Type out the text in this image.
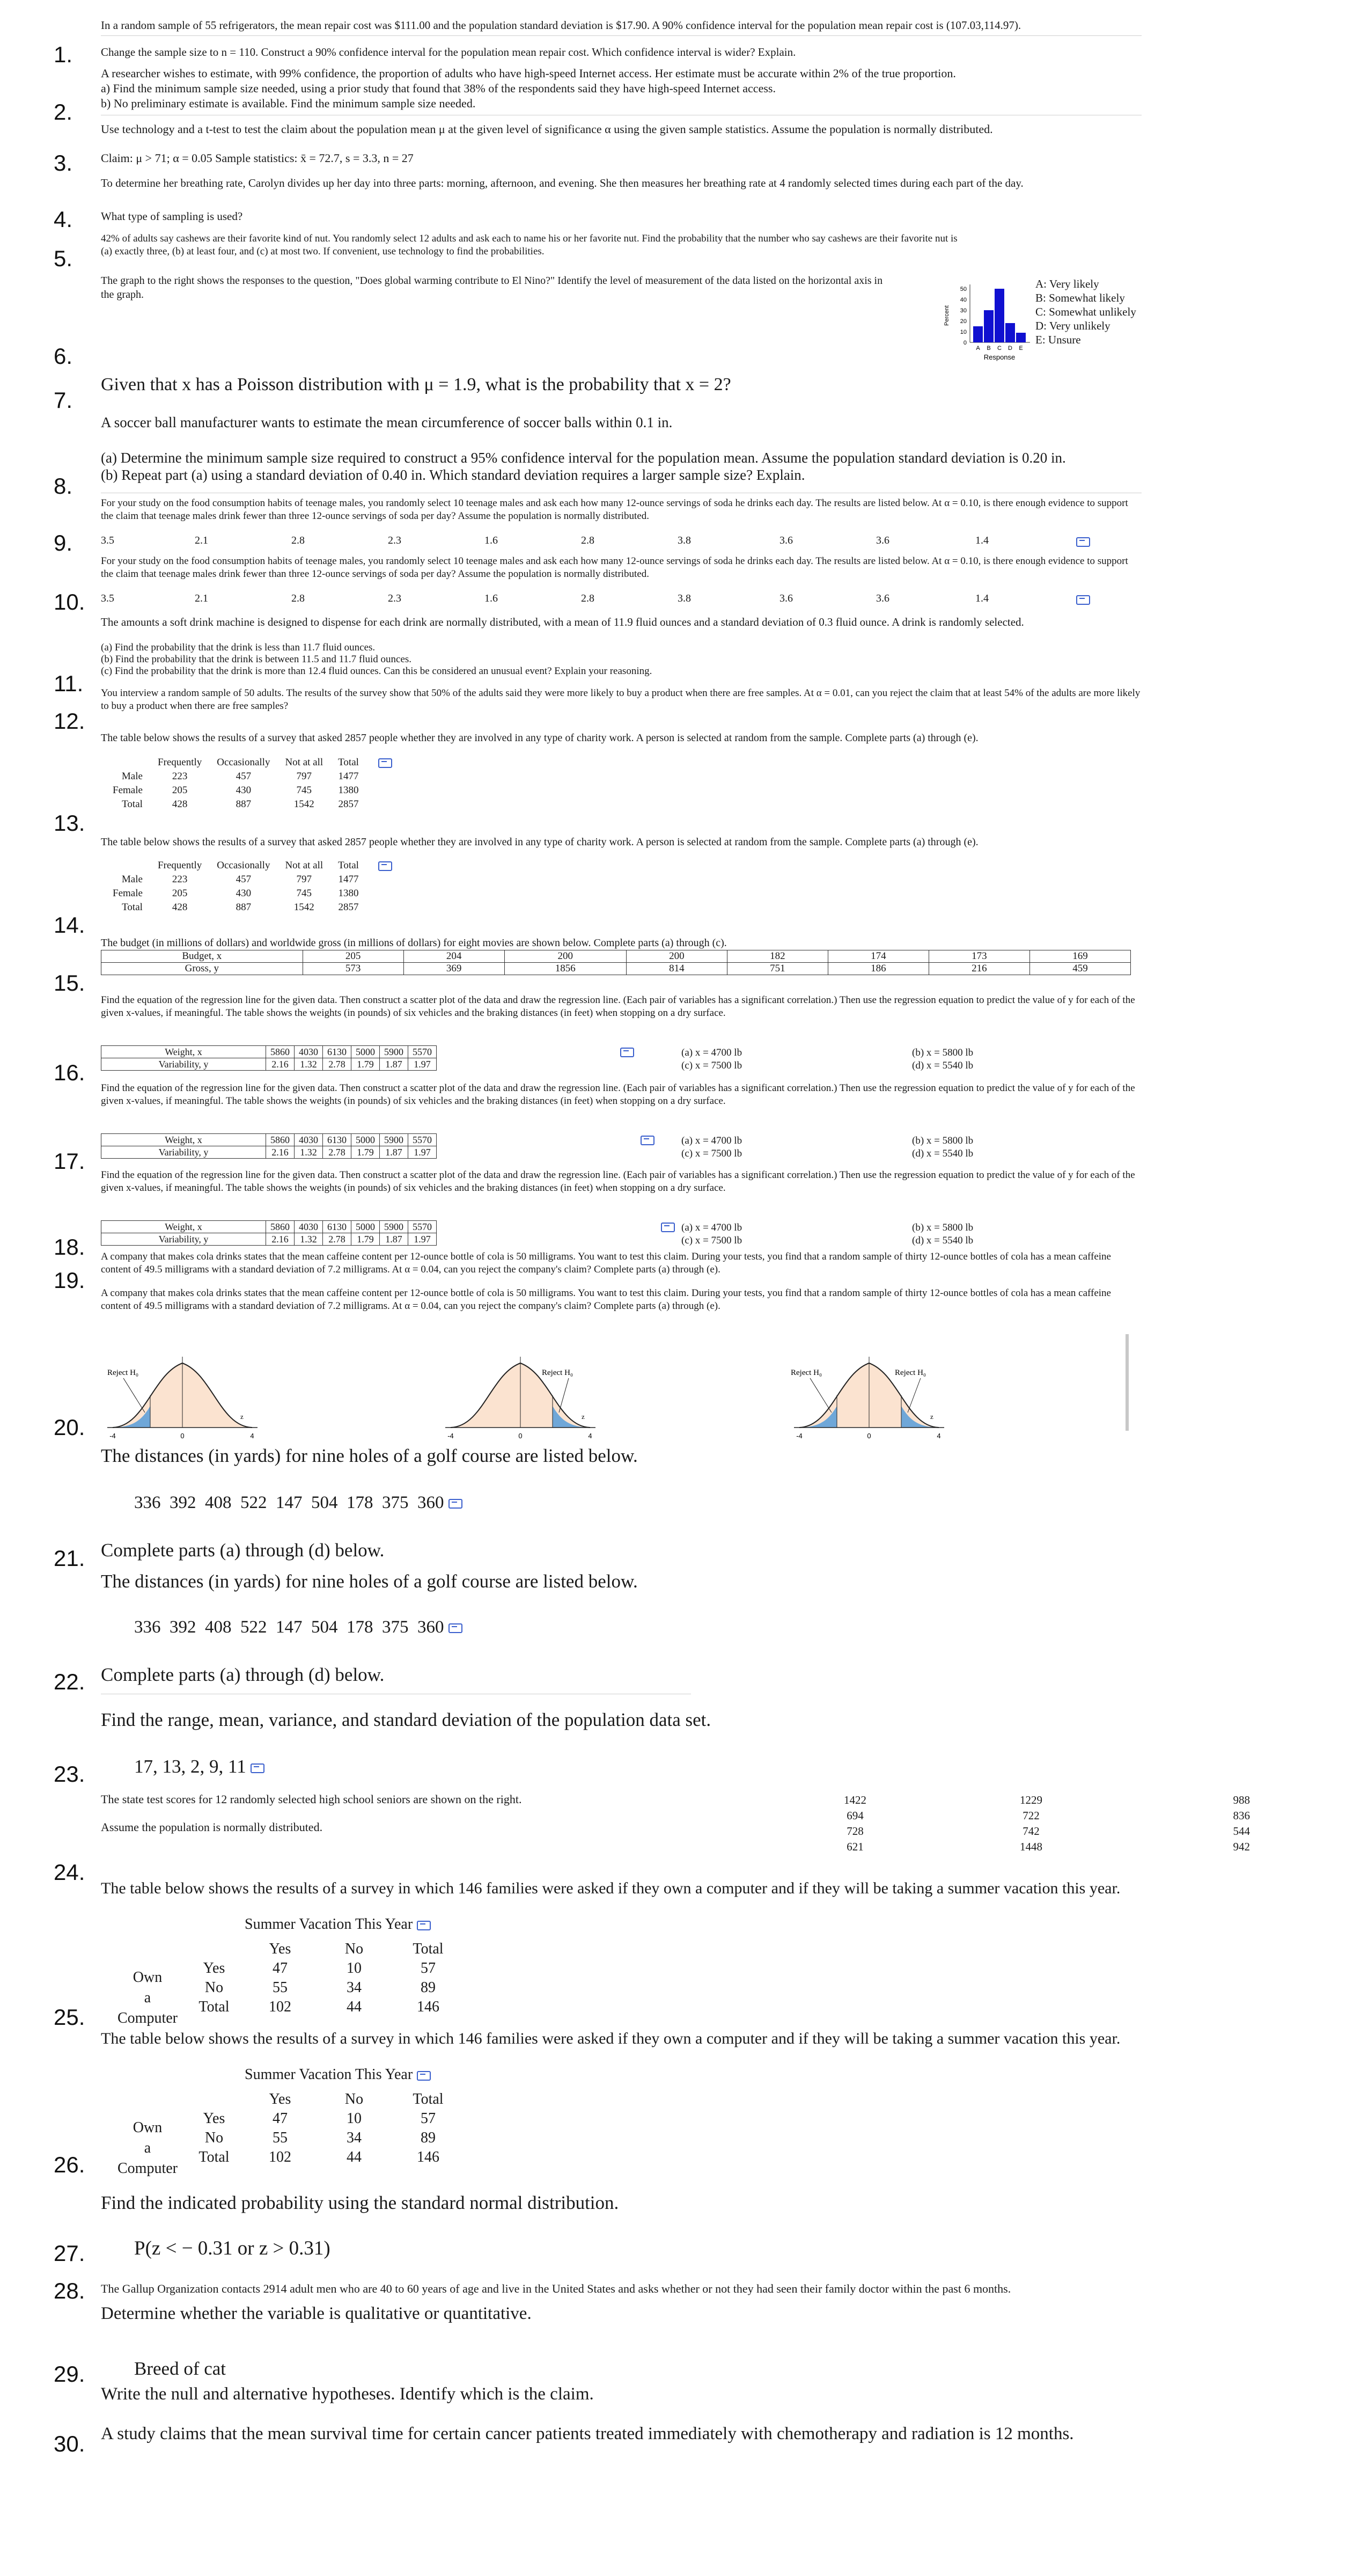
1.
2.
3.
4.
5.
6.
7.
8.
9.
10.
11.
12.
13.
14.
15.
16.
17.
18.
19.
20.
21.
22.
23.
24.
25.
26.
27.
28.
29.
30.
In a random sample of 55 refrigerators, the mean repair cost was $111.00 and the population standard deviation is $17.90. A 90% confidence interval for the population mean repair cost is (107.03,114.97).
Change the sample size to n = 110. Construct a 90% confidence interval for the population mean repair cost. Which confidence interval is wider? Explain.
A researcher wishes to estimate, with 99% confidence, the proportion of adults who have high-speed Internet access. Her estimate must be accurate within 2% of the true proportion.
a) Find the minimum sample size needed, using a prior study that found that 38% of the respondents said they have high-speed Internet access.
b) No preliminary estimate is available. Find the minimum sample size needed.
Use technology and a t-test to test the claim about the population mean μ at the given level of significance α using the given sample statistics. Assume the population is normally distributed.
Claim: μ > 71; α = 0.05 Sample statistics: x̄ = 72.7, s = 3.3, n = 27
To determine her breathing rate, Carolyn divides up her day into three parts: morning, afternoon, and evening. She then measures her breathing rate at 4 randomly selected times during each part of the day.
What type of sampling is used?
42% of adults say cashews are their favorite kind of nut. You randomly select 12 adults and ask each to name his or her favorite nut. Find the probability that the number who say cashews are their favorite nut is
(a) exactly three, (b) at least four, and (c) at most two. If convenient, use technology to find the probabilities.
The graph to the right shows the responses to the question, "Does global warming contribute to El Nino?" Identify the level of measurement of the data listed on the horizontal axis in the graph.
Percent
50
40
30
20
10
0
A B C D E
Response
A: Very likely
B: Somewhat likely
C: Somewhat unlikely
D: Very unlikely
E: Unsure
Given that x has a Poisson distribution with μ = 1.9, what is the probability that x = 2?
A soccer ball manufacturer wants to estimate the mean circumference of soccer balls within 0.1 in.
(a) Determine the minimum sample size required to construct a 95% confidence interval for the population mean. Assume the population standard deviation is 0.20 in.
(b) Repeat part (a) using a standard deviation of 0.40 in. Which standard deviation requires a larger sample size? Explain.
For your study on the food consumption habits of teenage males, you randomly select 10 teenage males and ask each how many 12-ounce servings of soda he drinks each day. The results are listed below. At α = 0.10, is there enough evidence to support the claim that teenage males drink fewer than three 12-ounce servings of soda per day? Assume the population is normally distributed.
3.5	2.1	2.8	2.3	1.6	2.8	3.8	3.6	3.6	1.4
For your study on the food consumption habits of teenage males, you randomly select 10 teenage males and ask each how many 12-ounce servings of soda he drinks each day. The results are listed below. At α = 0.10, is there enough evidence to support the claim that teenage males drink fewer than three 12-ounce servings of soda per day? Assume the population is normally distributed.
3.5	2.1	2.8	2.3	1.6	2.8	3.8	3.6	3.6	1.4
The amounts a soft drink machine is designed to dispense for each drink are normally distributed, with a mean of 11.9 fluid ounces and a standard deviation of 0.3 fluid ounce. A drink is randomly selected.
(a) Find the probability that the drink is less than 11.7 fluid ounces.
(b) Find the probability that the drink is between 11.5 and 11.7 fluid ounces.
(c) Find the probability that the drink is more than 12.4 fluid ounces. Can this be considered an unusual event? Explain your reasoning.
You interview a random sample of 50 adults. The results of the survey show that 50% of the adults said they were more likely to buy a product when there are free samples. At α = 0.01, can you reject the claim that at least 54% of the adults are more likely to buy a product when there are free samples?
The table below shows the results of a survey that asked 2857 people whether they are involved in any type of charity work. A person is selected at random from the sample. Complete parts (a) through (e).
	Frequently	Occasionally	Not at all	Total	
Male	223	457	797	1477	
Female	205	430	745	1380	
Total	428	887	1542	2857	
The table below shows the results of a survey that asked 2857 people whether they are involved in any type of charity work. A person is selected at random from the sample. Complete parts (a) through (e).
	Frequently	Occasionally	Not at all	Total	
Male	223	457	797	1477	
Female	205	430	745	1380	
Total	428	887	1542	2857	
The budget (in millions of dollars) and worldwide gross (in millions of dollars) for eight movies are shown below. Complete parts (a) through (c).
Budget, x	205	204	200	200	182	174	173	169
Gross, y	573	369	1856	814	751	186	216	459
Find the equation of the regression line for the given data. Then construct a scatter plot of the data and draw the regression line. (Each pair of variables has a significant correlation.) Then use the regression equation to predict the value of y for each of the given x-values, if meaningful. The table shows the weights (in pounds) of six vehicles and the braking distances (in feet) when stopping on a dry surface.
Weight, x	5860	4030	6130	5000	5900	5570
Variability, y	2.16	1.32	2.78	1.79	1.87	1.97

(a) x = 4700 lb
(c) x = 7500 lb
(b) x = 5800 lb
(d) x = 5540 lb
Find the equation of the regression line for the given data. Then construct a scatter plot of the data and draw the regression line. (Each pair of variables has a significant correlation.) Then use the regression equation to predict the value of y for each of the given x-values, if meaningful. The table shows the weights (in pounds) of six vehicles and the braking distances (in feet) when stopping on a dry surface.
Weight, x	5860	4030	6130	5000	5900	5570
Variability, y	2.16	1.32	2.78	1.79	1.87	1.97

(a) x = 4700 lb
(c) x = 7500 lb
(b) x = 5800 lb
(d) x = 5540 lb
Find the equation of the regression line for the given data. Then construct a scatter plot of the data and draw the regression line. (Each pair of variables has a significant correlation.) Then use the regression equation to predict the value of y for each of the given x-values, if meaningful. The table shows the weights (in pounds) of six vehicles and the braking distances (in feet) when stopping on a dry surface.
Weight, x	5860	4030	6130	5000	5900	5570
Variability, y	2.16	1.32	2.78	1.79	1.87	1.97
(a) x = 4700 lb
(c) x = 7500 lb
(b) x = 5800 lb
(d) x = 5540 lb
A company that makes cola drinks states that the mean caffeine content per 12-ounce bottle of cola is 50 milligrams. You want to test this claim. During your tests, you find that a random sample of thirty 12-ounce bottles of cola has a mean caffeine content of 49.5 milligrams with a standard deviation of 7.2 milligrams. At α = 0.04, can you reject the company's claim? Complete parts (a) through (e).
A company that makes cola drinks states that the mean caffeine content per 12-ounce bottle of cola is 50 milligrams. You want to test this claim. During your tests, you find that a random sample of thirty 12-ounce bottles of cola has a mean caffeine content of 49.5 milligrams with a standard deviation of 7.2 milligrams. At α = 0.04, can you reject the company's claim? Complete parts (a) through (e).
Reject H₀
-4	0	4
z
Reject H₀
-4	0	4
z
Reject H₀	Reject H₀
-4	0	4
z
The distances (in yards) for nine holes of a golf course are listed below.
336  392  408  522  147  504  178  375  360
Complete parts (a) through (d) below.
The distances (in yards) for nine holes of a golf course are listed below.
336  392  408  522  147  504  178  375  360
Complete parts (a) through (d) below.
Find the range, mean, variance, and standard deviation of the population data set.
17, 13, 2, 9, 11
The state test scores for 12 randomly selected high school seniors are shown on the right.
Assume the population is normally distributed.
1422	1229	988
694	722	836
728	742	544
621	1448	942
The table below shows the results of a survey in which 146 families were asked if they own a computer and if they will be taking a summer vacation this year.
Summer Vacation This Year
Own
a
Computer
	Yes	No	Total
Yes	47	10	57
No	55	34	89
Total	102	44	146
The table below shows the results of a survey in which 146 families were asked if they own a computer and if they will be taking a summer vacation this year.
Summer Vacation This Year
Own
a
Computer
	Yes	No	Total
Yes	47	10	57
No	55	34	89
Total	102	44	146
Find the indicated probability using the standard normal distribution.
P(z < − 0.31 or z > 0.31)
The Gallup Organization contacts 2914 adult men who are 40 to 60 years of age and live in the United States and asks whether or not they had seen their family doctor within the past 6 months.
Determine whether the variable is qualitative or quantitative.
Breed of cat
Write the null and alternative hypotheses. Identify which is the claim.
A study claims that the mean survival time for certain cancer patients treated immediately with chemotherapy and radiation is 12 months.
